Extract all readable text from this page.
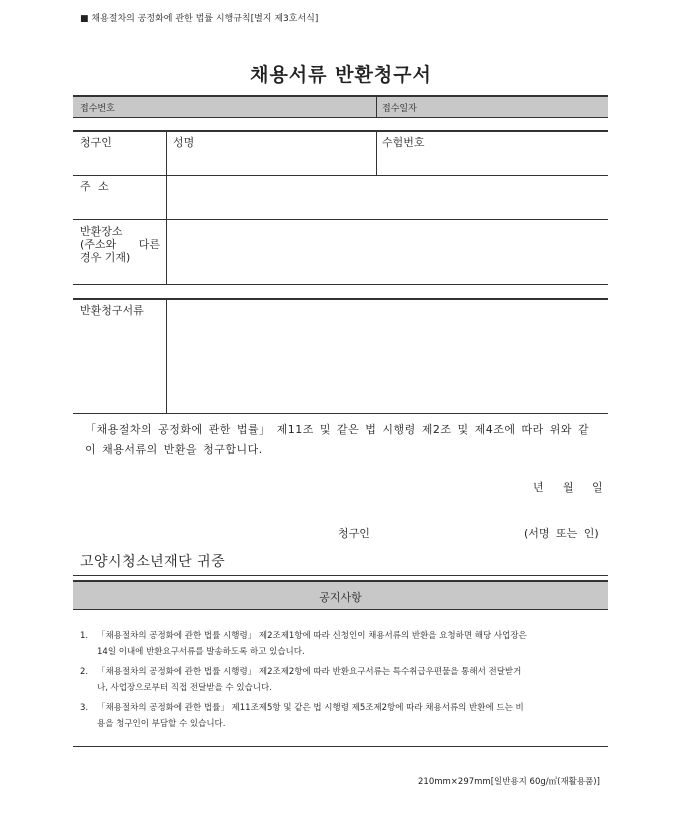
■ 채용절차의 공정화에 관한 법률 시행규칙[별지 제3호서식]
채용서류 반환청구서
접수번호	접수일자
청구인	성명	수험번호
주 소
반환장소
(주소와 다른
경우 기재)
반환청구서류
「채용절차의 공정화에 관한 법률」 제11조 및 같은 법 시행령 제2조 및 제4조에 따라 위와 같
이 채용서류의 반환을 청구합니다.
년 월 일
청구인	(서명 또는 인)
고양시청소년재단 귀중
공지사항
1. 「채용절차의 공정화에 관한 법률 시행령」 제2조제1항에 따라 신청인이 채용서류의 반환을 요청하면 해당 사업장은
14일 이내에 반환요구서류를 발송하도록 하고 있습니다.
2. 「채용절차의 공정화에 관한 법률 시행령」 제2조제2항에 따라 반환요구서류는 특수취급우편물을 통해서 전달받거
나, 사업장으로부터 직접 전달받을 수 있습니다.
3. 「채용절차의 공정화에 관한 법률」 제11조제5항 및 같은 법 시행령 제5조제2항에 따라 채용서류의 반환에 드는 비
용을 청구인이 부담할 수 있습니다.
210mm×297mm[일반용지 60g/㎡(재활용품)]
